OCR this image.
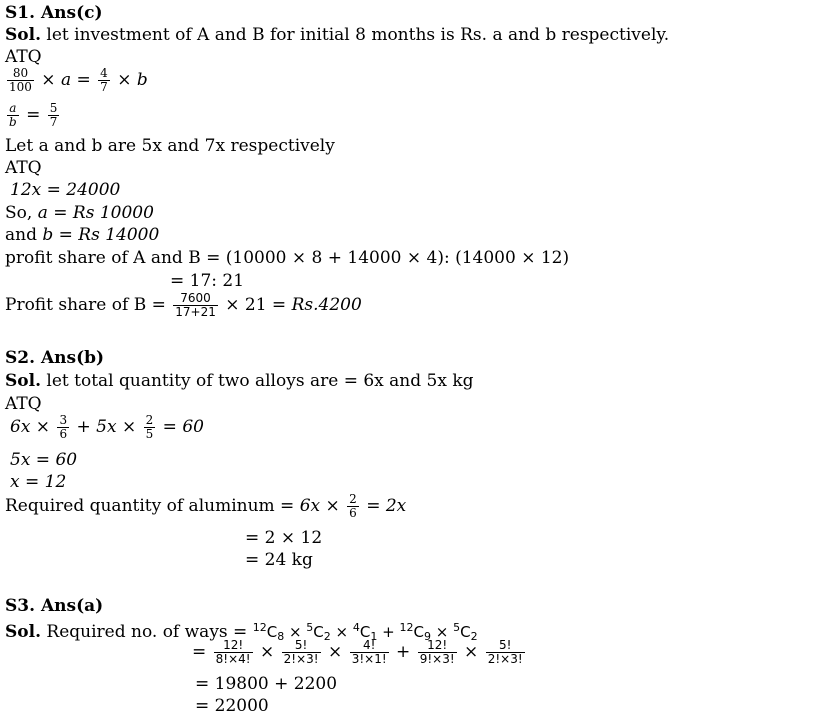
S1. Ans(c)
Sol. let investment of A and B for initial 8 months is Rs. a and b respectively.
ATQ
$\frac{80}{100} \times a = \frac{4}{7} \times b$
$\frac{a}{b} = \frac{5}{7}$
Let a and b are 5x and 7x respectively
ATQ
12x = 24000
So, a = Rs 10000
and b = Rs 14000
profit share of A and B = (10000 × 8 + 14000 × 4): (14000 × 12)
= 17: 21
Profit share of $B = \frac{7600}{17+21} \times 21 = Rs.4200$
S2. Ans(b)
Sol. let total quantity of two alloys are = 6x and 5x kg
ATQ
$6x \times \frac{3}{6} + 5x \times \frac{2}{5} = 60$
5x = 60
x = 12
Required quantity of aluminum = $6x \times \frac{2}{6} = 2x$
= 2 × 12
= 24 kg
S3. Ans(a)
Sol. Required no. of ways = $^{12}C_8 \times ^5C_2 \times ^4C_1 + ^{12}C_9 \times ^5C_2$
= $\frac{12!}{8!\times 4!} \times \frac{5!}{2!\times 3!} \times \frac{4!}{3!\times 1!} + \frac{12!}{9!\times 3!} \times \frac{5!}{2!\times 3!}$
= 19800 + 2200
= 22000
